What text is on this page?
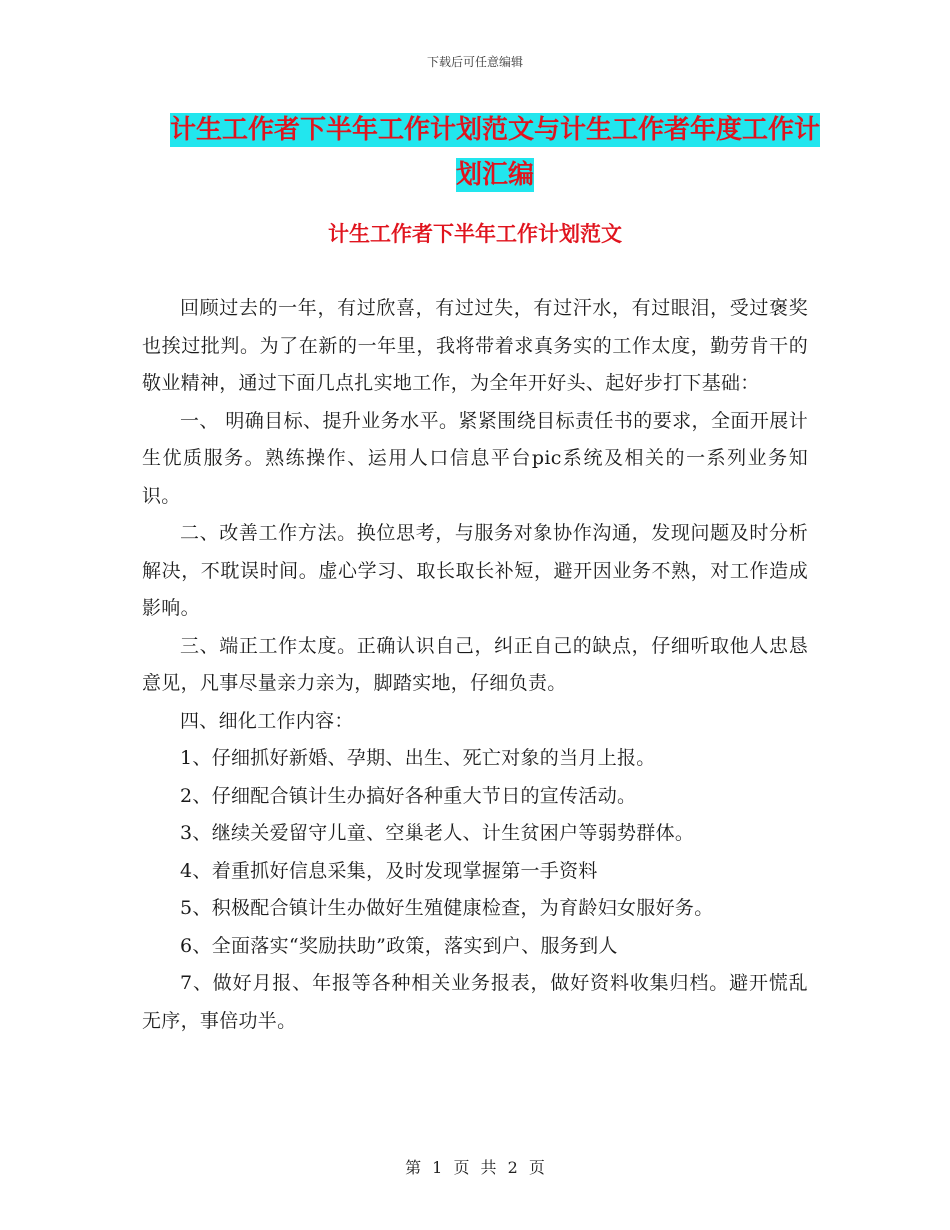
下载后可任意编辑
计生工作者下半年工作计划范文与计生工作者年度工作计划汇编
计生工作者下半年工作计划范文

回顾过去的一年，有过欣喜，有过过失，有过汗水，有过眼泪，受过褒奖也挨过批判。为了在新的一年里，我将带着求真务实的工作太度，勤劳肯干的敬业精神，通过下面几点扎实地工作，为全年开好头、起好步打下基础：

一、 明确目标、提升业务水平。紧紧围绕目标责任书的要求，全面开展计生优质服务。熟练操作、运用人口信息平台pic系统及相关的一系列业务知识。

二、改善工作方法。换位思考，与服务对象协作沟通，发现问题及时分析解决，不耽误时间。虚心学习、取长取长补短，避开因业务不熟，对工作造成影响。

三、端正工作太度。正确认识自己，纠正自己的缺点，仔细听取他人忠恳意见，凡事尽量亲力亲为，脚踏实地，仔细负责。

四、细化工作内容：

1、仔细抓好新婚、孕期、出生、死亡对象的当月上报。

2、仔细配合镇计生办搞好各种重大节日的宣传活动。

3、继续关爱留守儿童、空巢老人、计生贫困户等弱势群体。

4、着重抓好信息采集，及时发现掌握第一手资料

5、积极配合镇计生办做好生殖健康检查，为育龄妇女服好务。

6、全面落实“奖励扶助”政策，落实到户、服务到人

7、做好月报、年报等各种相关业务报表，做好资料收集归档。避开慌乱无序，事倍功半。

第 1 页 共 2 页
